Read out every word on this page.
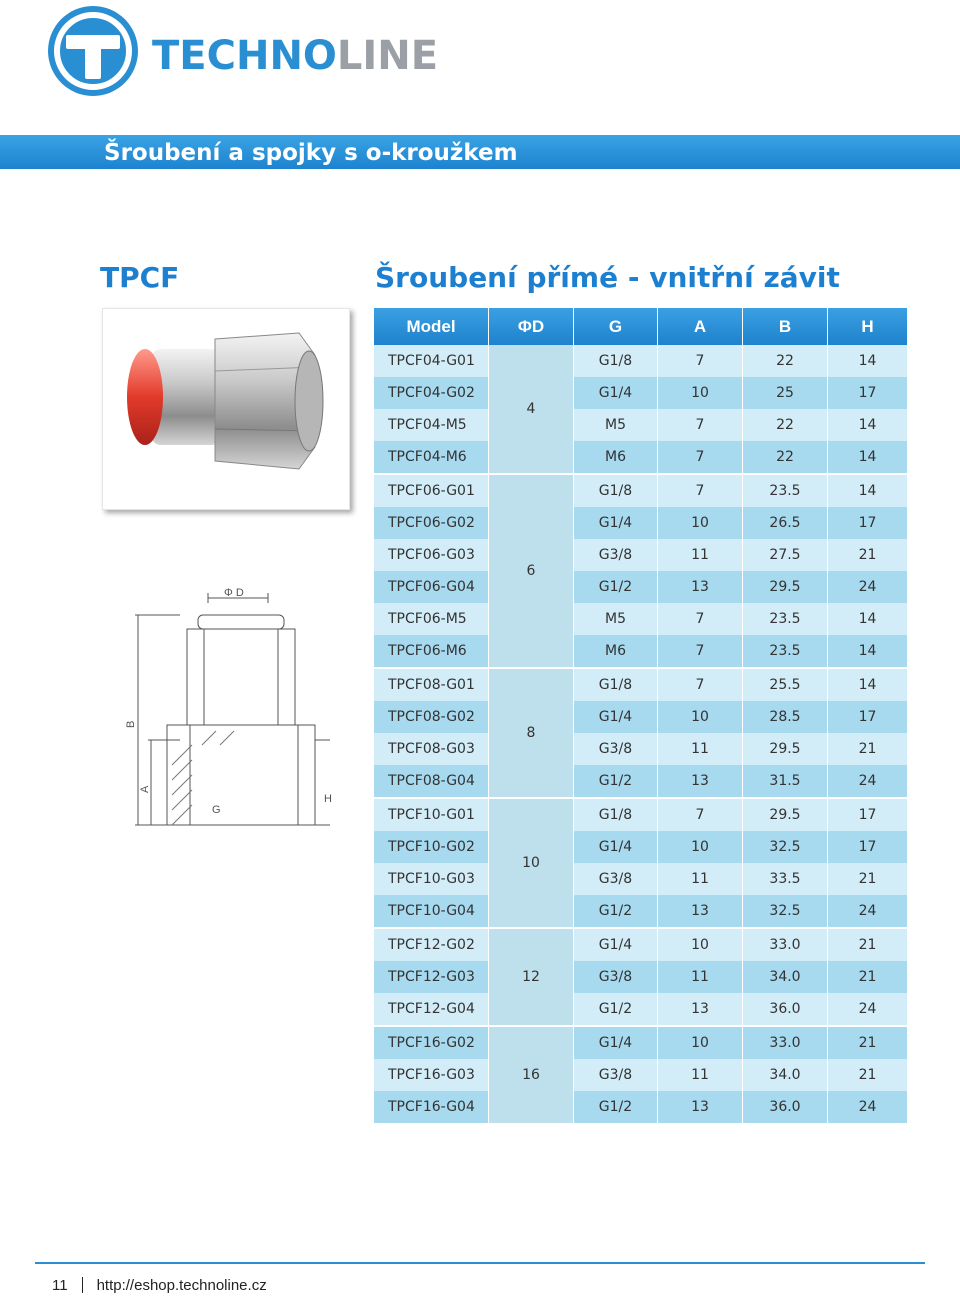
TECHNOLINE
Šroubení a spojky s o-kroužkem
TPCF	Šroubení přímé - vnitřní závit
Φ D
B
A
G
H
Model	ΦD	G	A	B	H
TPCF04-G01	4	G1/8	7	22	14
TPCF04-G02		G1/4	10	25	17
TPCF04-M5		M5	7	22	14
TPCF04-M6		M6	7	22	14
TPCF06-G01	6	G1/8	7	23.5	14
TPCF06-G02		G1/4	10	26.5	17
TPCF06-G03		G3/8	11	27.5	21
TPCF06-G04		G1/2	13	29.5	24
TPCF06-M5		M5	7	23.5	14
TPCF06-M6		M6	7	23.5	14
TPCF08-G01	8	G1/8	7	25.5	14
TPCF08-G02		G1/4	10	28.5	17
TPCF08-G03		G3/8	11	29.5	21
TPCF08-G04		G1/2	13	31.5	24
TPCF10-G01	10	G1/8	7	29.5	17
TPCF10-G02		G1/4	10	32.5	17
TPCF10-G03		G3/8	11	33.5	21
TPCF10-G04		G1/2	13	32.5	24
TPCF12-G02	12	G1/4	10	33.0	21
TPCF12-G03		G3/8	11	34.0	21
TPCF12-G04		G1/2	13	36.0	24
TPCF16-G02	16	G1/4	10	33.0	21
TPCF16-G03		G3/8	11	34.0	21
TPCF16-G04		G1/2	13	36.0	24
11 http://eshop.technoline.cz
